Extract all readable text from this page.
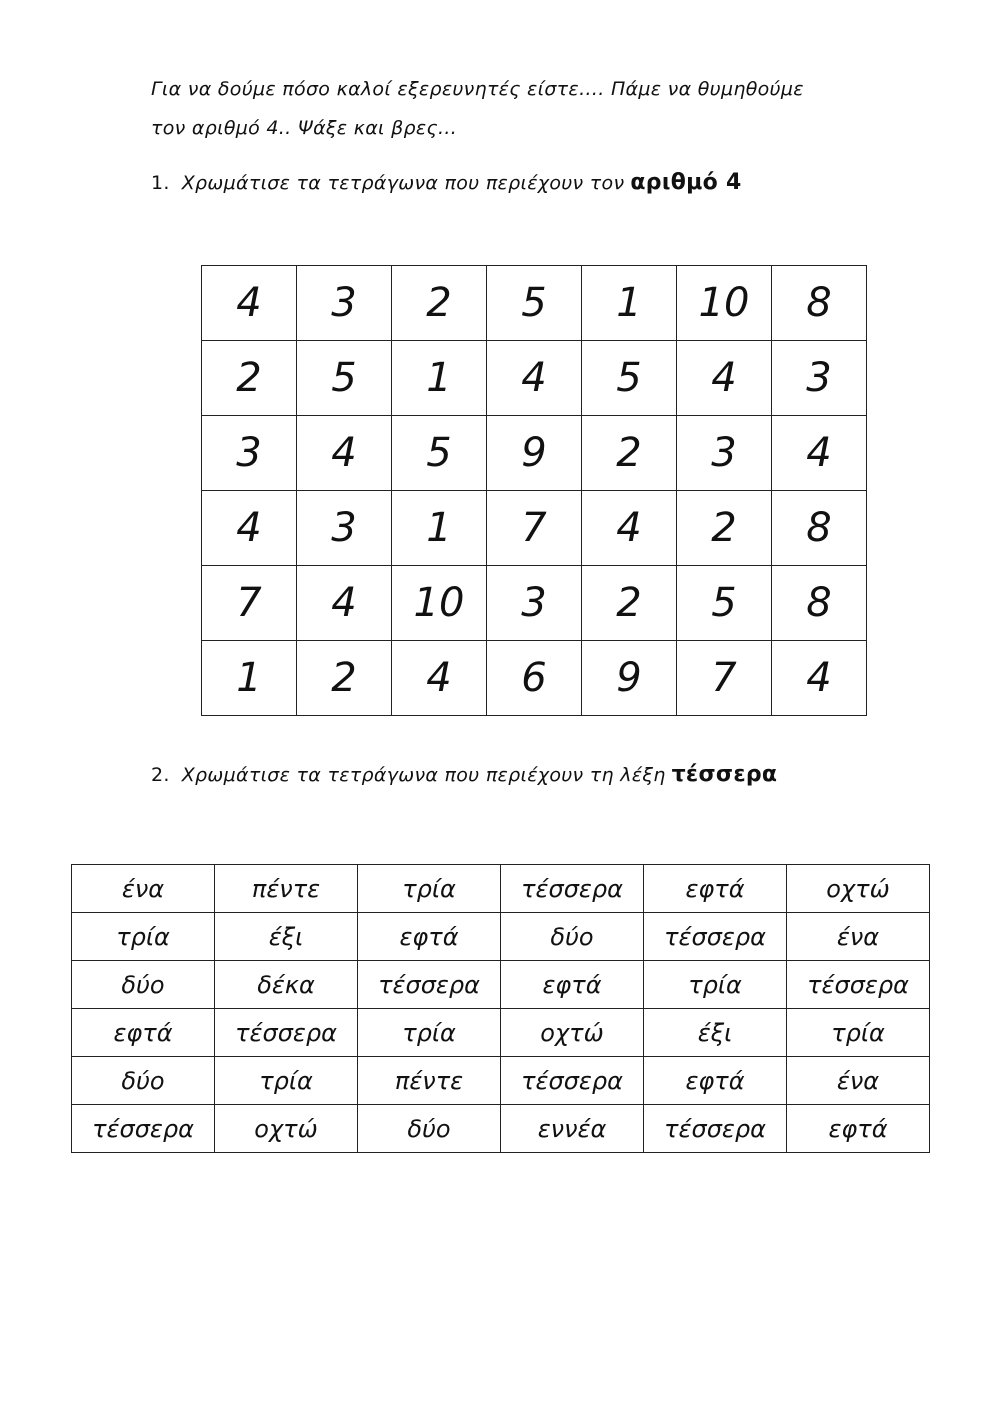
Για να δούμε πόσο καλοί εξερευνητές είστε…. Πάμε να θυμηθούμε

τον αριθμό 4.. Ψάξε και βρες…

1. Χρωμάτισε τα τετράγωνα που περιέχουν τον αριθμό 4
4	3	2	5	1	10	8
2	5	1	4	5	4	3
3	4	5	9	2	3	4
4	3	1	7	4	2	8
7	4	10	3	2	5	8
1	2	4	6	9	7	4
2. Χρωμάτισε τα τετράγωνα που περιέχουν τη λέξη τέσσερα
ένα	πέντε	τρία	τέσσερα	εφτά	οχτώ
τρία	έξι	εφτά	δύο	τέσσερα	ένα
δύο	δέκα	τέσσερα	εφτά	τρία	τέσσερα
εφτά	τέσσερα	τρία	οχτώ	έξι	τρία
δύο	τρία	πέντε	τέσσερα	εφτά	ένα
τέσσερα	οχτώ	δύο	εννέα	τέσσερα	εφτά
